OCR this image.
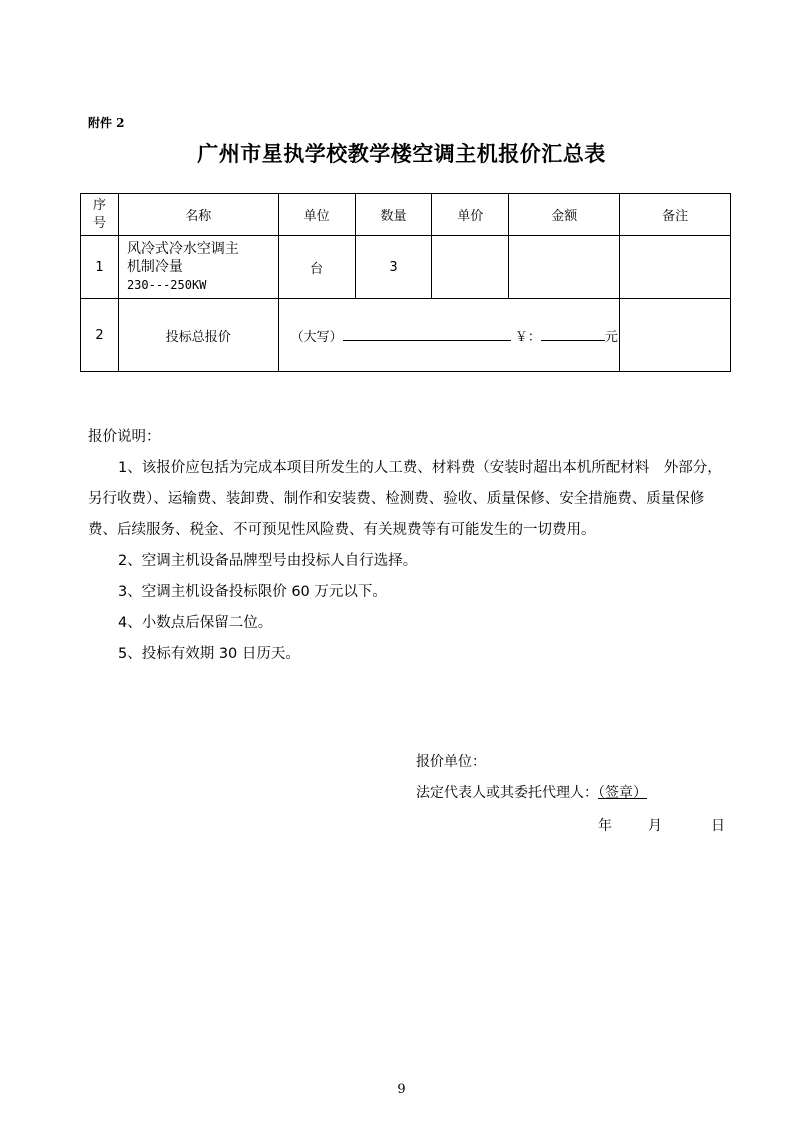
附件 2
广州市星执学校教学楼空调主机报价汇总表
序
号	名称	单位	数量	单价	金额	备注
1	风冷式冷水空调主
机制冷量
230---250KW	台	3			
2	投标总报价	（大写） ￥： 元				

报价说明：

1、该报价应包括为完成本项目所发生的人工费、材料费（安装时超出本机所配材料　外部分，另行收费）、运输费、装卸费、制作和安装费、检测费、验收、质量保修、安全措施费、质量保修费、后续服务、税金、不可预见性风险费、有关规费等有可能发生的一切费用。

2、空调主机设备品牌型号由投标人自行选择。

3、空调主机设备投标限价 60 万元以下。

4、小数点后保留二位。

5、投标有效期 30 日历天。

报价单位：
法定代表人或其委托代理人：（签章）
年	月	日
9
